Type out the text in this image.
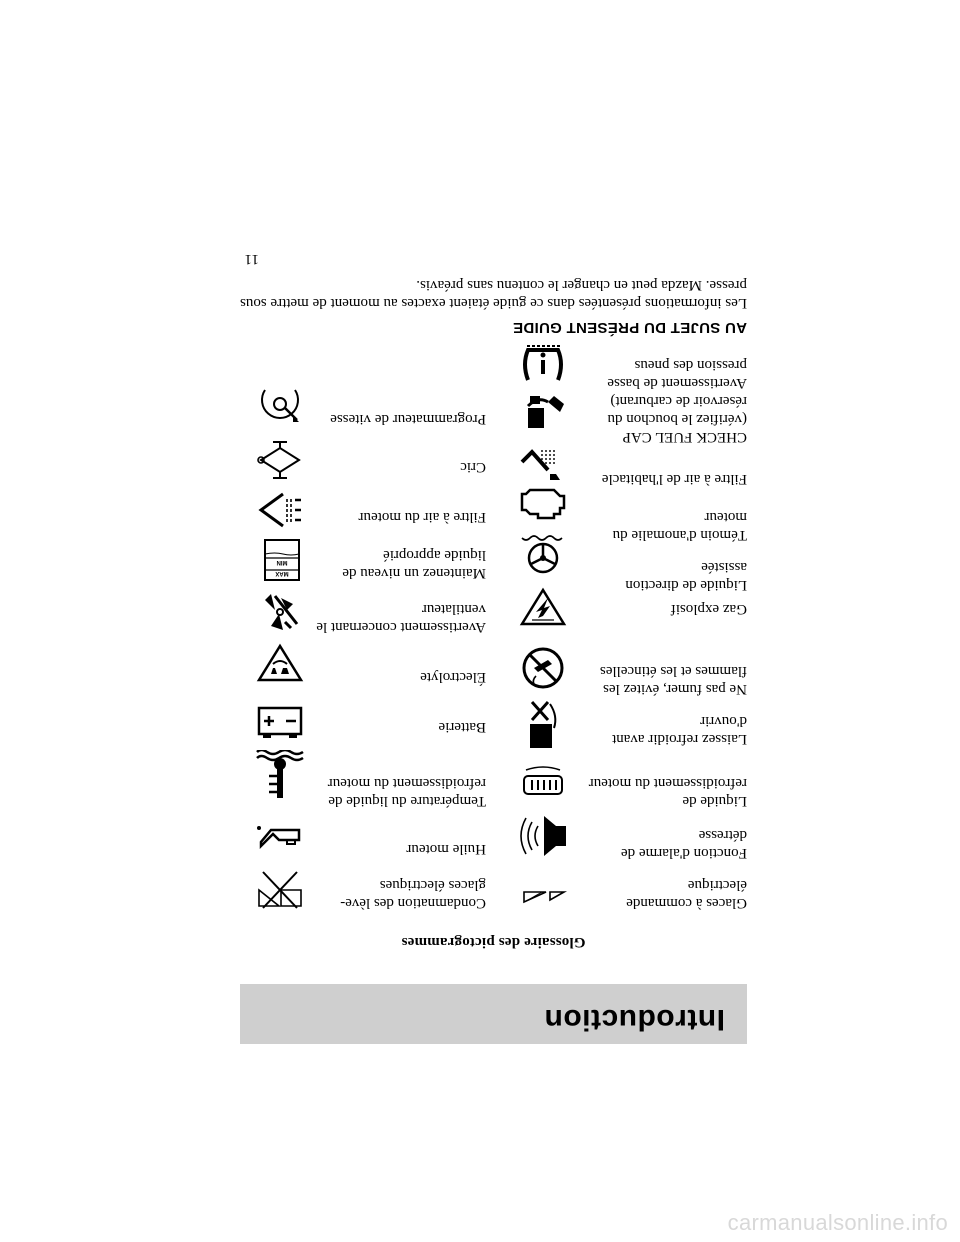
Introduction
Glossaire des pictogrammes
Glaces à commande électrique
Fonction d'alarme de détresse
Liquide de refroidissement du moteur
Laissez refroidir avant d'ouvrir
Ne pas fumer, évitez les flammes et les étincelles
Gaz explosif
Liquide de direction assistée
Témoin d'anomalie du moteur
Filtre à air de l'habitacle
CHECK FUEL CAP (vérifiez le bouchon du réservoir de carburant)
Avertissement de basse pression des pneus
Condamnation des lève-glaces électriques
Huile moteur
Température du liquide de refroidissement du moteur
Batterie
Électrolyte
Avertissement concernant le ventilateur
Maintenez un niveau de liquide approprié
MAX
MIN
Filtre à air du moteur
Cric
Programmateur de vitesse
AU SUJET DU PRÉSENT GUIDE
Les informations présentées dans ce guide étaient exactes au moment de mettre sous presse. Mazda peut en changer le contenu sans préavis.
11
carmanualsonline.info
